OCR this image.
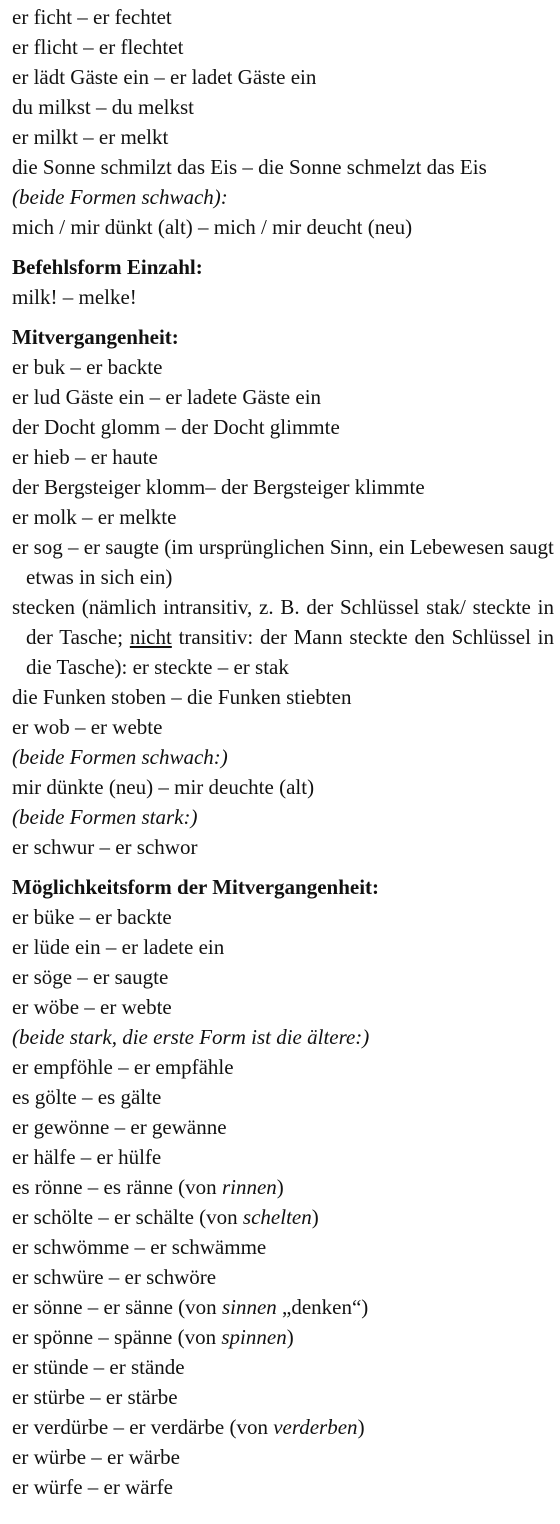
er ficht – er fechtet
er flicht – er flechtet
er lädt Gäste ein – er ladet Gäste ein
du milkst – du melkst
er milkt – er melkt
die Sonne schmilzt das Eis – die Sonne schmelzt das Eis
(beide Formen schwach):
mich / mir dünkt (alt) – mich / mir deucht (neu)
Befehlsform Einzahl:
milk! – melke!
Mitvergangenheit:
er buk – er backte
er lud Gäste ein – er ladete Gäste ein
der Docht glomm – der Docht glimmte
er hieb – er haute
der Bergsteiger klomm– der Bergsteiger klimmte
er molk – er melkte
er sog – er saugte (im ursprünglichen Sinn, ein Lebewesen saugt etwas in sich ein)
stecken (nämlich intransitiv, z. B. der Schlüssel stak/ steckte in der Tasche; nicht transitiv: der Mann steckte den Schlüssel in die Tasche): er steckte – er stak
die Funken stoben – die Funken stiebten
er wob – er webte
(beide Formen schwach:)
mir dünkte (neu) – mir deuchte (alt)
(beide Formen stark:)
er schwur – er schwor
Möglichkeitsform der Mitvergangenheit:
er büke – er backte
er lüde ein – er ladete ein
er söge – er saugte
er wöbe – er webte
(beide stark, die erste Form ist die ältere:)
er empföhle – er empfähle
es gölte – es gälte
er gewönne – er gewänne
er hälfe – er hülfe
es rönne – es ränne (von rinnen)
er schölte – er schälte (von schelten)
er schwömme – er schwämme
er schwüre – er schwöre
er sönne – er sänne (von sinnen „denken“)
er spönne – spänne (von spinnen)
er stünde – er stände
er stürbe – er stärbe
er verdürbe – er verdärbe (von verderben)
er würbe – er wärbe
er würfe – er wärfe
